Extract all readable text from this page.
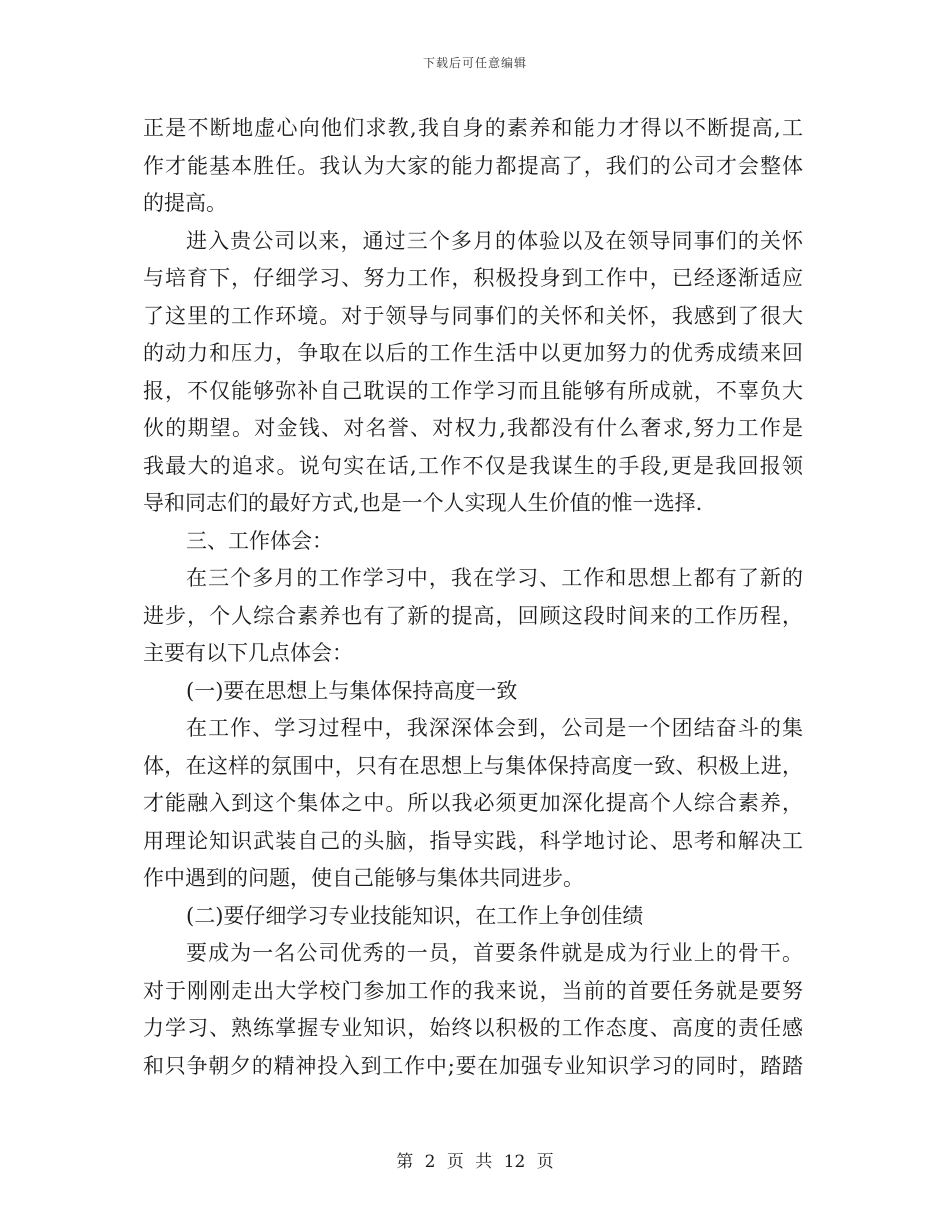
下载后可任意编辑
正是不断地虚心向他们求教,我自身的素养和能力才得以不断提高,工
作才能基本胜任。我认为大家的能力都提高了，我们的公司才会整体
的提高。
进入贵公司以来，通过三个多月的体验以及在领导同事们的关怀
与培育下，仔细学习、努力工作，积极投身到工作中，已经逐渐适应
了这里的工作环境。对于领导与同事们的关怀和关怀，我感到了很大
的动力和压力，争取在以后的工作生活中以更加努力的优秀成绩来回
报，不仅能够弥补自己耽误的工作学习而且能够有所成就，不辜负大
伙的期望。对金钱、对名誉、对权力,我都没有什么奢求,努力工作是
我最大的追求。说句实在话,工作不仅是我谋生的手段,更是我回报领
导和同志们的最好方式,也是一个人实现人生价值的惟一选择.
三、工作体会：
在三个多月的工作学习中，我在学习、工作和思想上都有了新的
进步，个人综合素养也有了新的提高，回顾这段时间来的工作历程，
主要有以下几点体会：
(一)要在思想上与集体保持高度一致
在工作、学习过程中，我深深体会到，公司是一个团结奋斗的集
体，在这样的氛围中，只有在思想上与集体保持高度一致、积极上进，
才能融入到这个集体之中。所以我必须更加深化提高个人综合素养，
用理论知识武装自己的头脑，指导实践，科学地讨论、思考和解决工
作中遇到的问题，使自己能够与集体共同进步。
(二)要仔细学习专业技能知识，在工作上争创佳绩
要成为一名公司优秀的一员，首要条件就是成为行业上的骨干。
对于刚刚走出大学校门参加工作的我来说，当前的首要任务就是要努
力学习、熟练掌握专业知识，始终以积极的工作态度、高度的责任感
和只争朝夕的精神投入到工作中;要在加强专业知识学习的同时，踏踏
第 2 页 共 12 页
